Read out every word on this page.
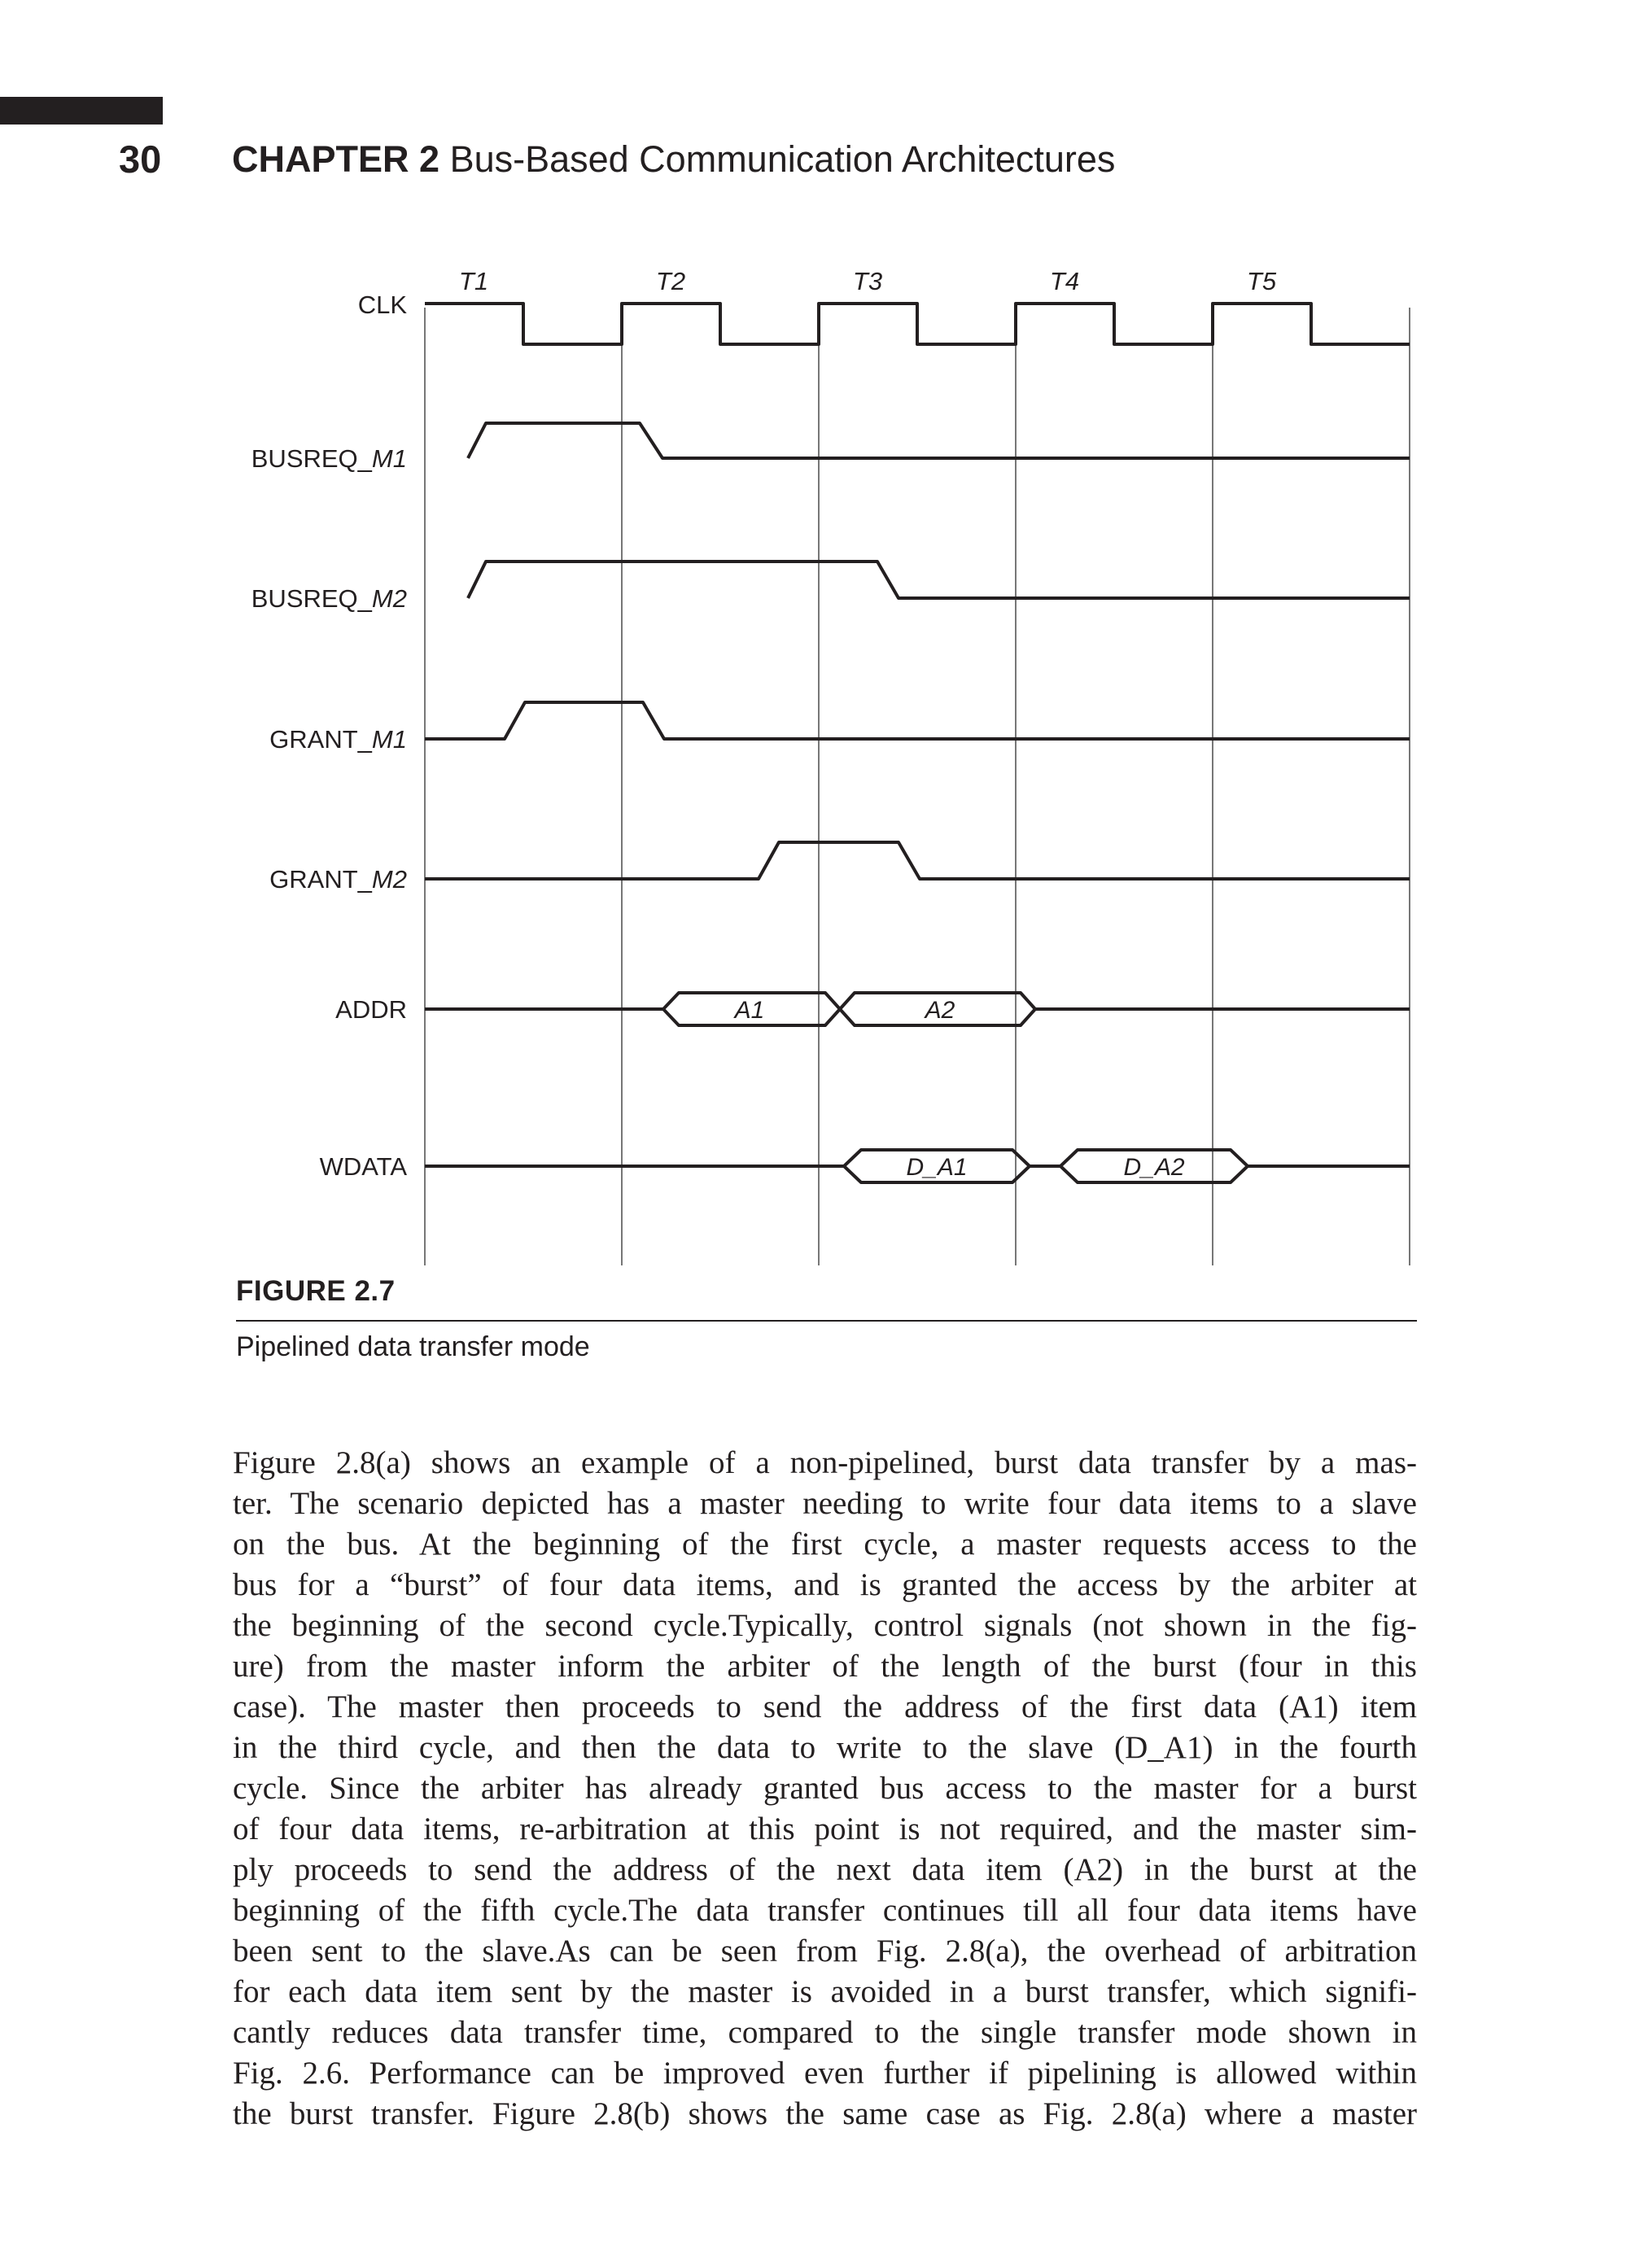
30 CHAPTER 2 Bus-Based Communication Architectures
T1	T2	T3	T4	T5
CLK
BUSREQ_M1
BUSREQ_M2
GRANT_M1
GRANT_M2
ADDR
WDATA
A1	A2
D_A1	D_A2
FIGURE 2.7
Pipelined data transfer mode
Figure 2.8(a) shows an example of a non-pipelined, burst data transfer by a mas-
ter. The scenario depicted has a master needing to write four data items to a slave
on the bus. At the beginning of the first cycle, a master requests access to the
bus for a “burst” of four data items, and is granted the access by the arbiter at
the beginning of the second cycle.Typically, control signals (not shown in the fig-
ure) from the master inform the arbiter of the length of the burst (four in this
case). The master then proceeds to send the address of the first data (A1) item
in the third cycle, and then the data to write to the slave (D_A1) in the fourth
cycle. Since the arbiter has already granted bus access to the master for a burst
of four data items, re-arbitration at this point is not required, and the master sim-
ply proceeds to send the address of the next data item (A2) in the burst at the
beginning of the fifth cycle.The data transfer continues till all four data items have
been sent to the slave.As can be seen from Fig. 2.8(a), the overhead of arbitration
for each data item sent by the master is avoided in a burst transfer, which signifi-
cantly reduces data transfer time, compared to the single transfer mode shown in
Fig. 2.6. Performance can be improved even further if pipelining is allowed within
the burst transfer. Figure 2.8(b) shows the same case as Fig. 2.8(a) where a master
